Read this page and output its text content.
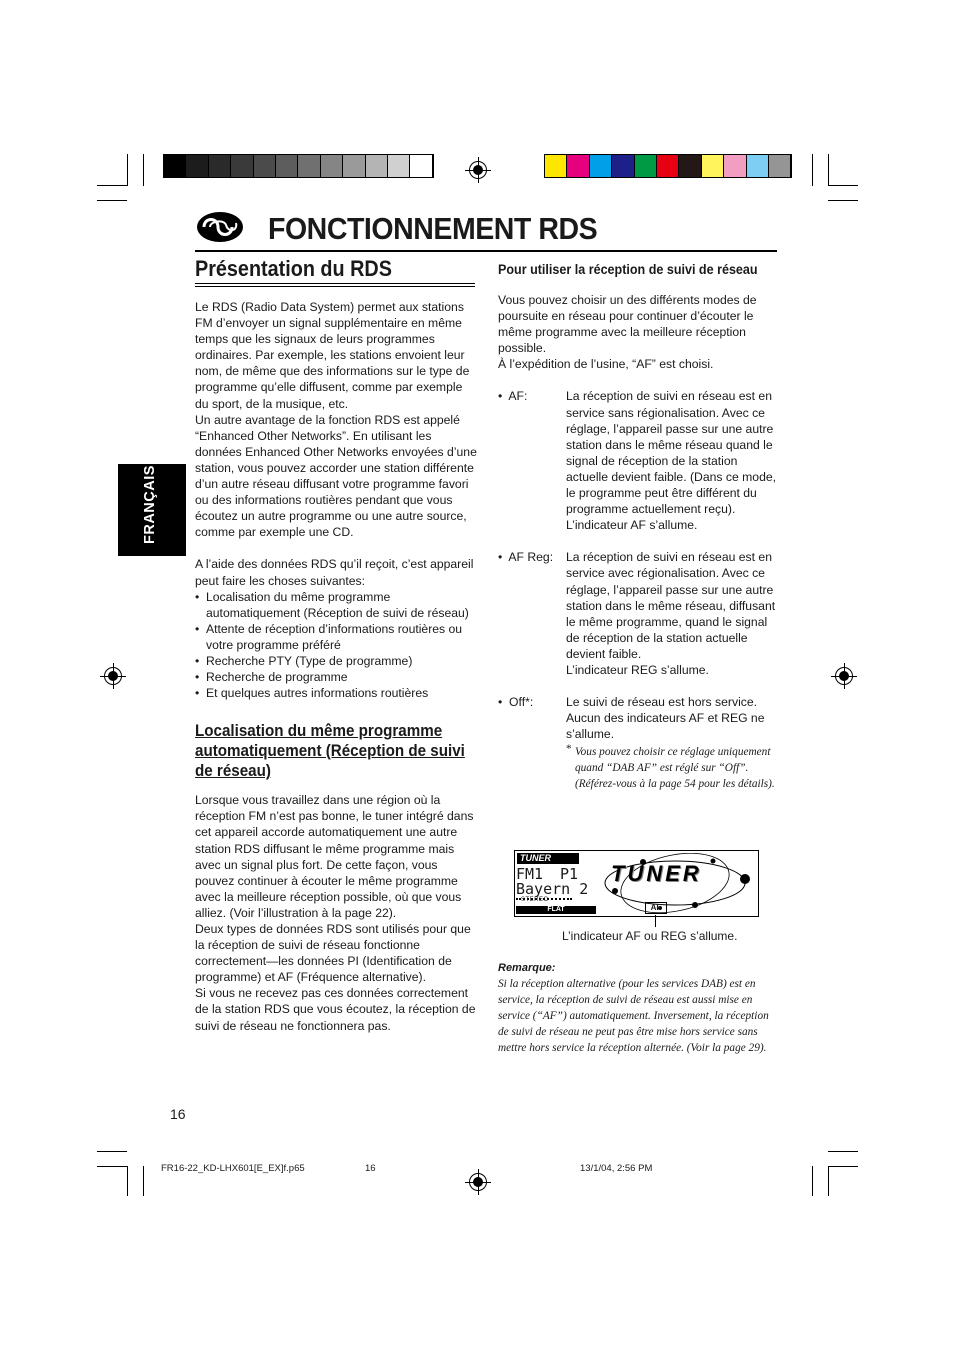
FONCTIONNEMENT RDS
FRANÇAIS
Présentation du RDS

Le RDS (Radio Data System) permet aux stations FM d’envoyer un signal supplémentaire en même temps que les signaux de leurs programmes ordinaires. Par exemple, les stations envoient leur nom, de même que des informations sur le type de programme qu’elle diffusent, comme par exemple du sport, de la musique, etc.

Un autre avantage de la fonction RDS est appelé “Enhanced Other Networks”. En utilisant les données Enhanced Other Networks envoyées d’une station, vous pouvez accorder une station différente d’un autre réseau diffusant votre programme favori ou des informations routières pendant que vous écoutez un autre programme ou une autre source, comme par exemple une CD.

A l’aide des données RDS qu’il reçoit, c’est appareil peut faire les choses suivantes:

• Localisation du même programme automatiquement (Réception de suivi de réseau)
• Attente de réception d’informations routières ou votre programme préféré
• Recherche PTY (Type de programme)
• Recherche de programme
• Et quelques autres informations routières
Localisation du même programme automatiquement (Réception de suivi de réseau)

Lorsque vous travaillez dans une région où la réception FM n’est pas bonne, le tuner intégré dans cet appareil accorde automatiquement une autre station RDS diffusant le même programme mais avec un signal plus fort. De cette façon, vous pouvez continuer à écouter le même programme avec la meilleure réception possible, où que vous alliez. (Voir l’illustration à la page 22).

Deux types de données RDS sont utilisés pour que la réception de suivi de réseau fonctionne correctement—les données PI (Identification de programme) et AF (Fréquence alternative).

Si vous ne recevez pas ces données correctement de la station RDS que vous écoutez, la réception de suivi de réseau ne fonctionnera pas.

16
Pour utiliser la réception de suivi de réseau

Vous pouvez choisir un des différents modes de poursuite en réseau pour continuer d’écouter le même programme avec la meilleure réception possible.

À l’expédition de l’usine, “AF” est choisi.

•  AF:	La réception de suivi en réseau est en service sans régionalisation. Avec ce réglage, l’appareil passe sur une autre station dans le même réseau quand le signal de réception de la station actuelle devient faible. (Dans ce mode, le programme peut être différent du programme actuellement reçu).

L’indicateur AF s’allume.

•  AF Reg:	La réception de suivi en réseau est en service avec régionalisation. Avec ce réglage, l’appareil passe sur une autre station dans le même réseau, diffusant le même programme, quand le signal de réception de la station actuelle devient faible.

L’indicateur REG s’allume.

•  Off*:	Le suivi de réseau est hors service.

Aucun des indicateurs AF et REG ne s’allume.

* Vous pouvez choisir ce réglage uniquement quand “DAB AF” est réglé sur “Off”. (Référez-vous à la page 54 pour les détails).
TUNER
FM1 P1
Bayern 2
STEREO
FLAT
TUNER
AF
L’indicateur AF ou REG s’allume.
Remarque:
Si la réception alternative (pour les services DAB) est en service, la réception de suivi de réseau est aussi mise en service (“AF”) automatiquement. Inversement, la réception de suivi de réseau ne peut pas être mise hors service sans mettre hors service la réception alternée. (Voir la page 29).
FR16-22_KD-LHX601[E_EX]f.p65	16	13/1/04, 2:56 PM
